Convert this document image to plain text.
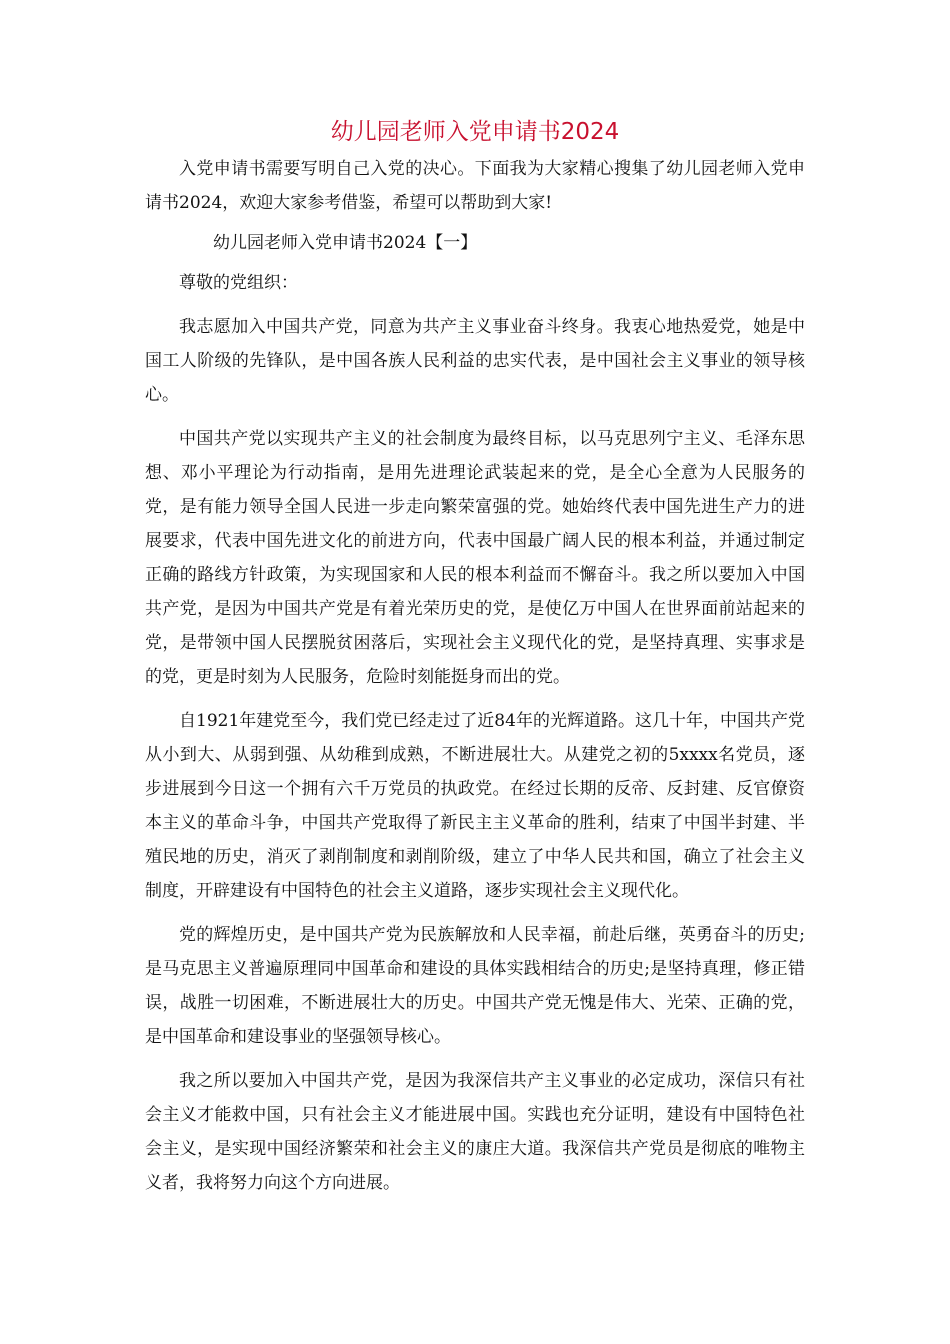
幼儿园老师入党申请书2024

入党申请书需要写明自己入党的决心。下面我为大家精心搜集了幼儿园老师入党申请书2024，欢迎大家参考借鉴，希望可以帮助到大家!

幼儿园老师入党申请书2024【一】

尊敬的党组织：

我志愿加入中国共产党，同意为共产主义事业奋斗终身。我衷心地热爱党，她是中国工人阶级的先锋队，是中国各族人民利益的忠实代表，是中国社会主义事业的领导核心。

中国共产党以实现共产主义的社会制度为最终目标，以马克思列宁主义、毛泽东思想、邓小平理论为行动指南，是用先进理论武装起来的党，是全心全意为人民服务的党，是有能力领导全国人民进一步走向繁荣富强的党。她始终代表中国先进生产力的进展要求，代表中国先进文化的前进方向，代表中国最广阔人民的根本利益，并通过制定正确的路线方针政策，为实现国家和人民的根本利益而不懈奋斗。我之所以要加入中国共产党，是因为中国共产党是有着光荣历史的党，是使亿万中国人在世界面前站起来的党，是带领中国人民摆脱贫困落后，实现社会主义现代化的党，是坚持真理、实事求是的党，更是时刻为人民服务，危险时刻能挺身而出的党。

自1921年建党至今，我们党已经走过了近84年的光辉道路。这几十年，中国共产党从小到大、从弱到强、从幼稚到成熟，不断进展壮大。从建党之初的5xxxx名党员，逐步进展到今日这一个拥有六千万党员的执政党。在经过长期的反帝、反封建、反官僚资本主义的革命斗争，中国共产党取得了新民主主义革命的胜利，结束了中国半封建、半殖民地的历史，消灭了剥削制度和剥削阶级，建立了中华人民共和国，确立了社会主义制度，开辟建设有中国特色的社会主义道路，逐步实现社会主义现代化。

党的辉煌历史，是中国共产党为民族解放和人民幸福，前赴后继，英勇奋斗的历史;是马克思主义普遍原理同中国革命和建设的具体实践相结合的历史;是坚持真理，修正错误，战胜一切困难，不断进展壮大的历史。中国共产党无愧是伟大、光荣、正确的党，是中国革命和建设事业的坚强领导核心。

我之所以要加入中国共产党，是因为我深信共产主义事业的必定成功，深信只有社会主义才能救中国，只有社会主义才能进展中国。实践也充分证明，建设有中国特色社会主义，是实现中国经济繁荣和社会主义的康庄大道。我深信共产党员是彻底的唯物主义者，我将努力向这个方向进展。
